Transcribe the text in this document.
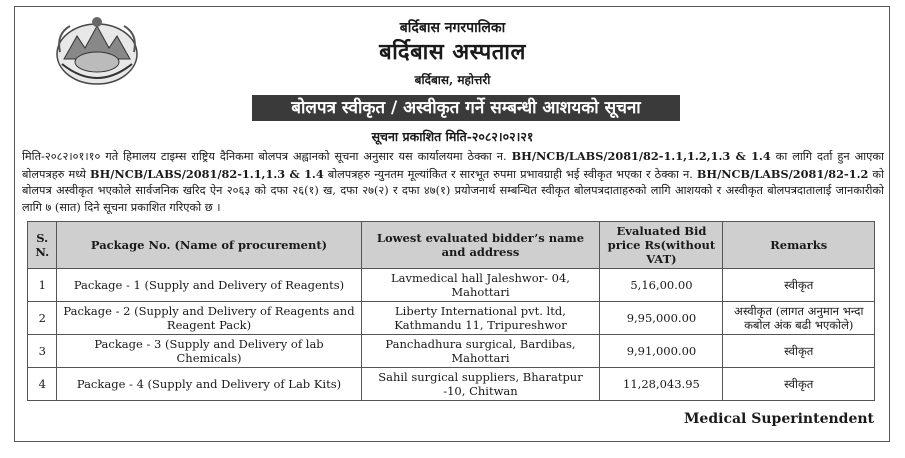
बर्दिबास नगरपालिका
बर्दिबास अस्पताल
बर्दिबास, महोत्तरी
बोलपत्र स्वीकृत / अस्वीकृत गर्ने सम्बन्धी आशयको सूचना
सूचना प्रकाशित मिति-२०८२।०२।२१
मिति-२०८२।०१।१० गते हिमालय टाइम्स राष्ट्रिय दैनिकमा बोलपत्र अह्वानको सूचना अनुसार यस कार्यालयमा ठेक्का न. BH/NCB/LABS/2081/82-1.1,1.2,1.3 & 1.4 का लागि दर्ता हुन आएका बोलपत्रहरु मध्ये BH/NCB/LABS/2081/82-1.1,1.3 & 1.4 बोलपत्रहरु न्युनतम मूल्यांकित र सारभूत रुपमा प्रभावग्राही भई स्वीकृत भएका र ठेक्का न. BH/NCB/LABS/2081/82-1.2 को बोलपत्र अस्वीकृत भएकोले सार्वजनिक खरिद ऐन २०६३ को दफा २६(१) ख, दफा २७(२) र दफा ४७(१) प्रयोजनार्थ सम्बन्धित स्वीकृत बोलपत्रदाताहरुको लागि आशयको र अस्वीकृत बोलपत्रदातालाई जानकारीको लागि ७ (सात) दिने सूचना प्रकाशित गरिएको छ ।
S. N.	Package No. (Name of procurement)	Lowest evaluated bidder’s name and address	Evaluated Bid price Rs(without VAT)	Remarks
1	Package - 1 (Supply and Delivery of Reagents)	Lavmedical hall Jaleshwor- 04, Mahottari	5,16,00.00	स्वीकृत
2	Package - 2 (Supply and Delivery of Reagents and Reagent Pack)	Liberty International pvt. ltd, Kathmandu 11, Tripureshwor	9,95,000.00	अस्वीकृत (लागत अनुमान भन्दा कबोल अंक बढी भएकोले)
3	Package - 3 (Supply and Delivery of lab Chemicals)	Panchadhura surgical, Bardibas, Mahottari	9,91,000.00	स्वीकृत
4	Package - 4 (Supply and Delivery of Lab Kits)	Sahil surgical suppliers, Bharatpur -10, Chitwan	11,28,043.95	स्वीकृत
Medical Superintendent
